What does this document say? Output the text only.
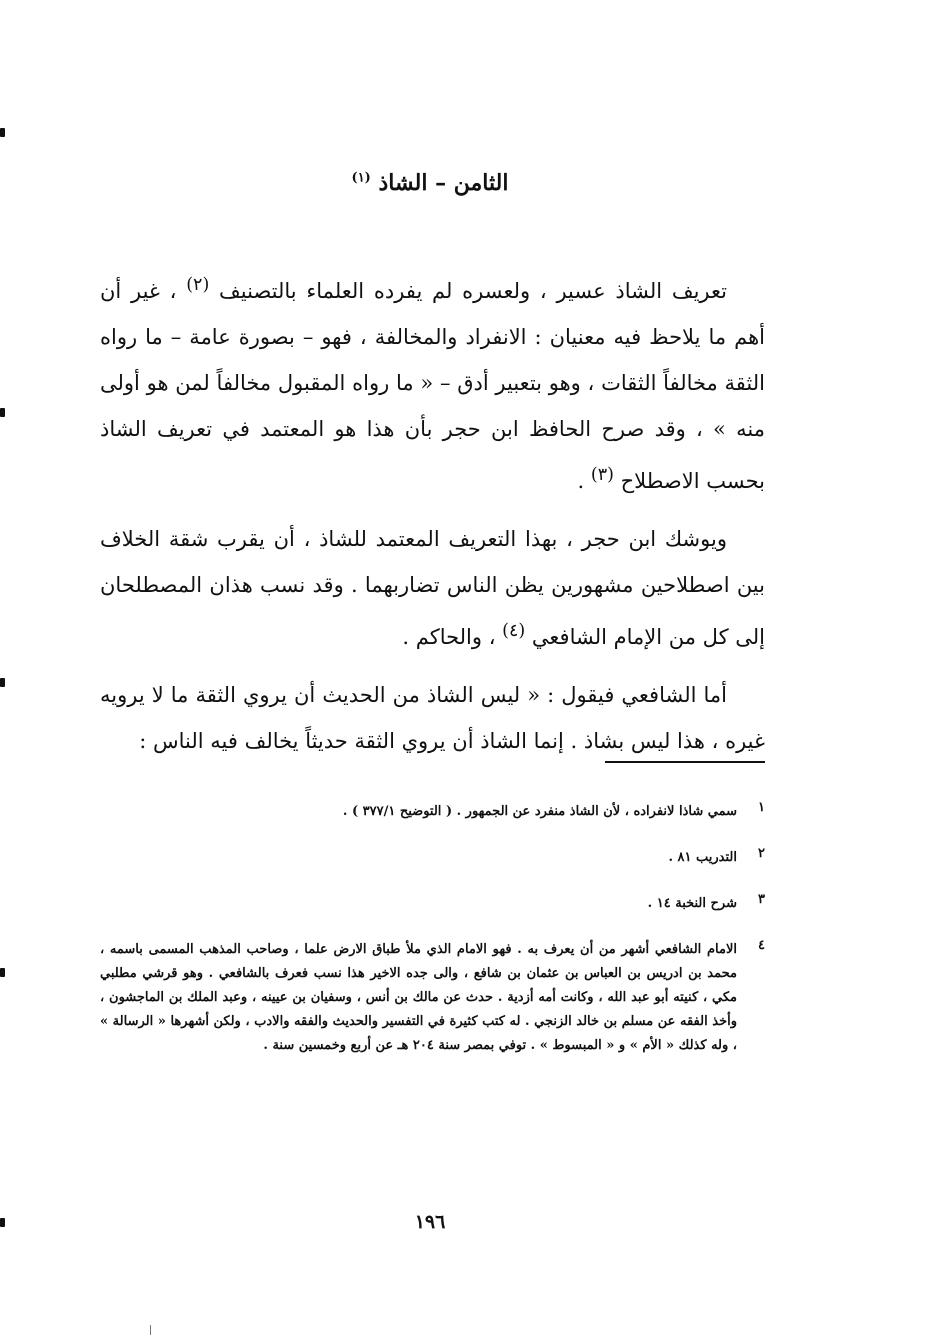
الثامن – الشاذ $^{(١)}$

تعريف الشاذ عسير ، ولعسره لم يفرده العلماء بالتصنيف $^{(٢)}$ ، غير أن أهم ما يلاحظ فيه معنيان : الانفراد والمخالفة ، فهو – بصورة عامة – ما رواه الثقة مخالفاً الثقات ، وهو بتعبير أدق – « ما رواه المقبول مخالفاً لمن هو أولى منه » ، وقد صرح الحافظ ابن حجر بأن هذا هو المعتمد في تعريف الشاذ بحسب الاصطلاح $^{(٣)}$ .

ويوشك ابن حجر ، بهذا التعريف المعتمد للشاذ ، أن يقرب شقة الخلاف بين اصطلاحين مشهورين يظن الناس تضاربهما . وقد نسب هذان المصطلحان إلى كل من الإمام الشافعي $^{(٤)}$ ، والحاكم .

أما الشافعي فيقول : « ليس الشاذ من الحديث أن يروي الثقة ما لا يرويه غيره ، هذا ليس بشاذ . إنما الشاذ أن يروي الثقة حديثاً يخالف فيه الناس :

١
سمي شاذا لانفراده ، لأن الشاذ منفرد عن الجمهور . ( التوضيح ٣٧٧/١ ) .
٢
التدريب ٨١ .
٣
شرح النخبة ١٤ .
٤
الامام الشافعي أشهر من أن يعرف به . فهو الامام الذي ملأ طباق الارض علما ، وصاحب المذهب المسمى باسمه ، محمد بن ادريس بن العباس بن عثمان بن شافع ، والى جده الاخير هذا نسب فعرف بالشافعي . وهو قرشي مطلبي مكي ، كنيته أبو عبد الله ، وكانت أمه أزدية . حدث عن مالك بن أنس ، وسفيان بن عيينه ، وعبد الملك بن الماجشون ، وأخذ الفقه عن مسلم بن خالد الزنجي . له كتب كثيرة في التفسير والحديث والفقه والادب ، ولكن أشهرها « الرسالة » ، وله كذلك « الأم » و « المبسوط » . توفي بمصر سنة ٢٠٤ هـ عن أربع وخمسين سنة .
١٩٦
